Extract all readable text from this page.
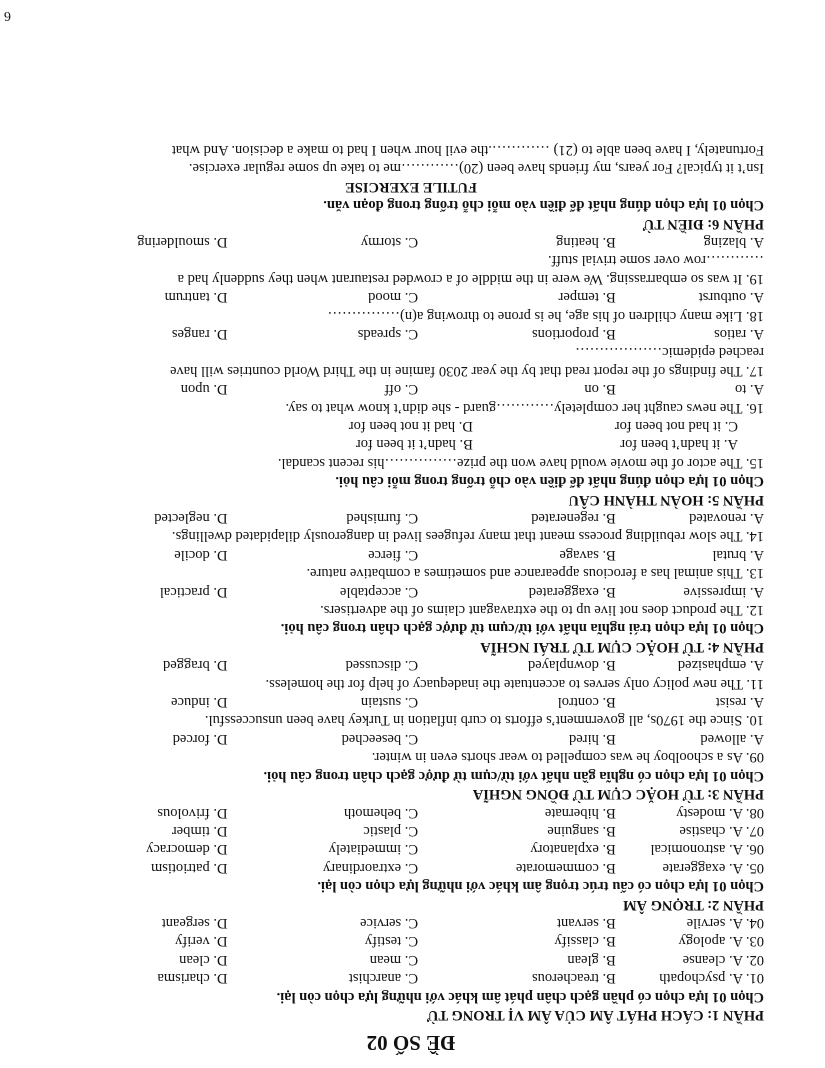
ĐỀ SỐ 02
PHẦN 1: CÁCH PHÁT ÂM CỦA ÂM VỊ TRONG TỪ
Chọn 01 lựa chọn có phần gạch chân phát âm khác với những lựa chọn còn lại.
01. A. psychopath
B. treacherous
C. anarchist
D. charisma
02. A. cleanse
B. glean
C. mean
D. clean
03. A. apology
B. classify
C. testify
D. verify
04. A. servile
B. servant
C. service
D. sergeant
PHẦN 2: TRỌNG ÂM
Chọn 01 lựa chọn có cấu trúc trọng âm khác với những lựa chọn còn lại.
05. A. exaggerate
B. commemorate
C. extraordinary
D. patriotism
06. A. astronomical
B. explanatory
C. immediately
D. democracy
07. A. chastise
B. sanguine
C. plastic
D. timber
08. A. modesty
B. hibernate
C. behemoth
D. frivolous
PHẦN 3: TỪ HOẶC CỤM TỪ ĐỒNG NGHĨA
Chọn 01 lựa chọn có nghĩa gần nhất với từ/cụm từ được gạch chân trong câu hỏi.
09. As a schoolboy he was compelled to wear shorts even in winter.
A. allowed
B. hired
C. beseeched
D. forced
10. Since the 1970s, all government’s efforts to curb inflation in Turkey have been unsuccessful.
A. resist
B. control
C. sustain
D. induce
11. The new policy only serves to accentuate the inadequacy of help for the homeless.
A. emphasized
B. downplayed
C. discussed
D. bragged
PHẦN 4: TỪ HOẶC CỤM TỪ TRÁI NGHĨA
Chọn 01 lựa chọn trái nghĩa nhất với từ/cụm từ được gạch chân trong câu hỏi.
12. The product does not live up to the extravagant claims of the advertisers.
A. impressive
B. exaggerated
C. acceptable
D. practical
13. This animal has a ferocious appearance and sometimes a combative nature.
A. brutal
B. savage
C. fierce
D. docile
14. The slow rebuilding process meant that many refugees lived in dangerously dilapidated dwellings.
A. renovated
B. regenerated
C. furnished
D. neglected
PHẦN 5: HOÀN THÀNH CÂU
Chọn 01 lựa chọn đúng nhất để điền vào chỗ trống trong mỗi câu hỏi.
15. The actor of the movie would have won the prize……………his recent scandal.
A. it hadn’t been for
B. hadn’t it been for
C. it had not been for
D. had it not been for
16. The news caught her completely…………guard - she didn’t know what to say.
A. to
B. on
C. off
D. upon
17. The findings of the report read that by the year 2030 famine in the Third World countries will have
reached epidemic………………
A. ratios
B. proportions
C. spreads
D. ranges
18. Like many children of his age, he is prone to throwing a(n)……………
A. outburst
B. temper
C. mood
D. tantrum
19. It was so embarrassing. We were in the middle of a crowded restaurant when they suddenly had a
…………row over some trivial stuff.
A. blazing
B. heating
C. stormy
D. smouldering
PHẦN 6: ĐIỀN TỪ
Chọn 01 lựa chọn đúng nhất để điền vào mỗi chỗ trống trong đoạn văn.
FUTILE EXERCISE
Isn’t it typical? For years, my friends have been (20)…………me to take up some regular exercise.
Fortunately, I have been able to (21) ………….the evil hour when I had to make a decision. And what
6
